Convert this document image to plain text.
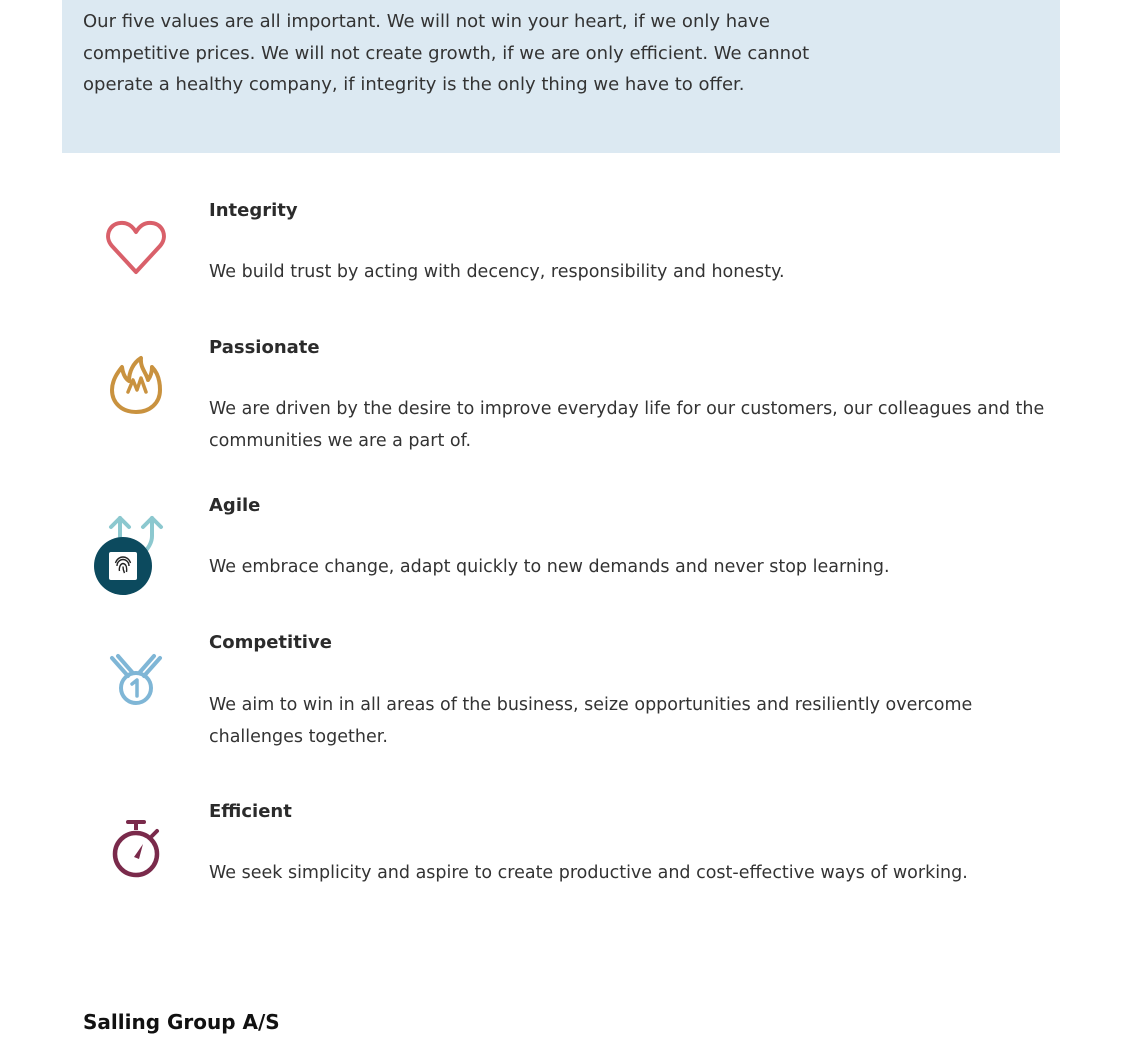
Our five values are all important. We will not win your heart, if we only have competitive prices. We will not create growth, if we are only efficient. We cannot operate a healthy company, if integrity is the only thing we have to offer.

Integrity

We build trust by acting with decency, responsibility and honesty.

Passionate

We are driven by the desire to improve everyday life for our customers, our colleagues and the communities we are a part of.

Agile

We embrace change, adapt quickly to new demands and never stop learning.

Competitive

We aim to win in all areas of the business, seize opportunities and resiliently overcome challenges together.

Efficient

We seek simplicity and aspire to create productive and cost-effective ways of working.

Salling Group A/S
